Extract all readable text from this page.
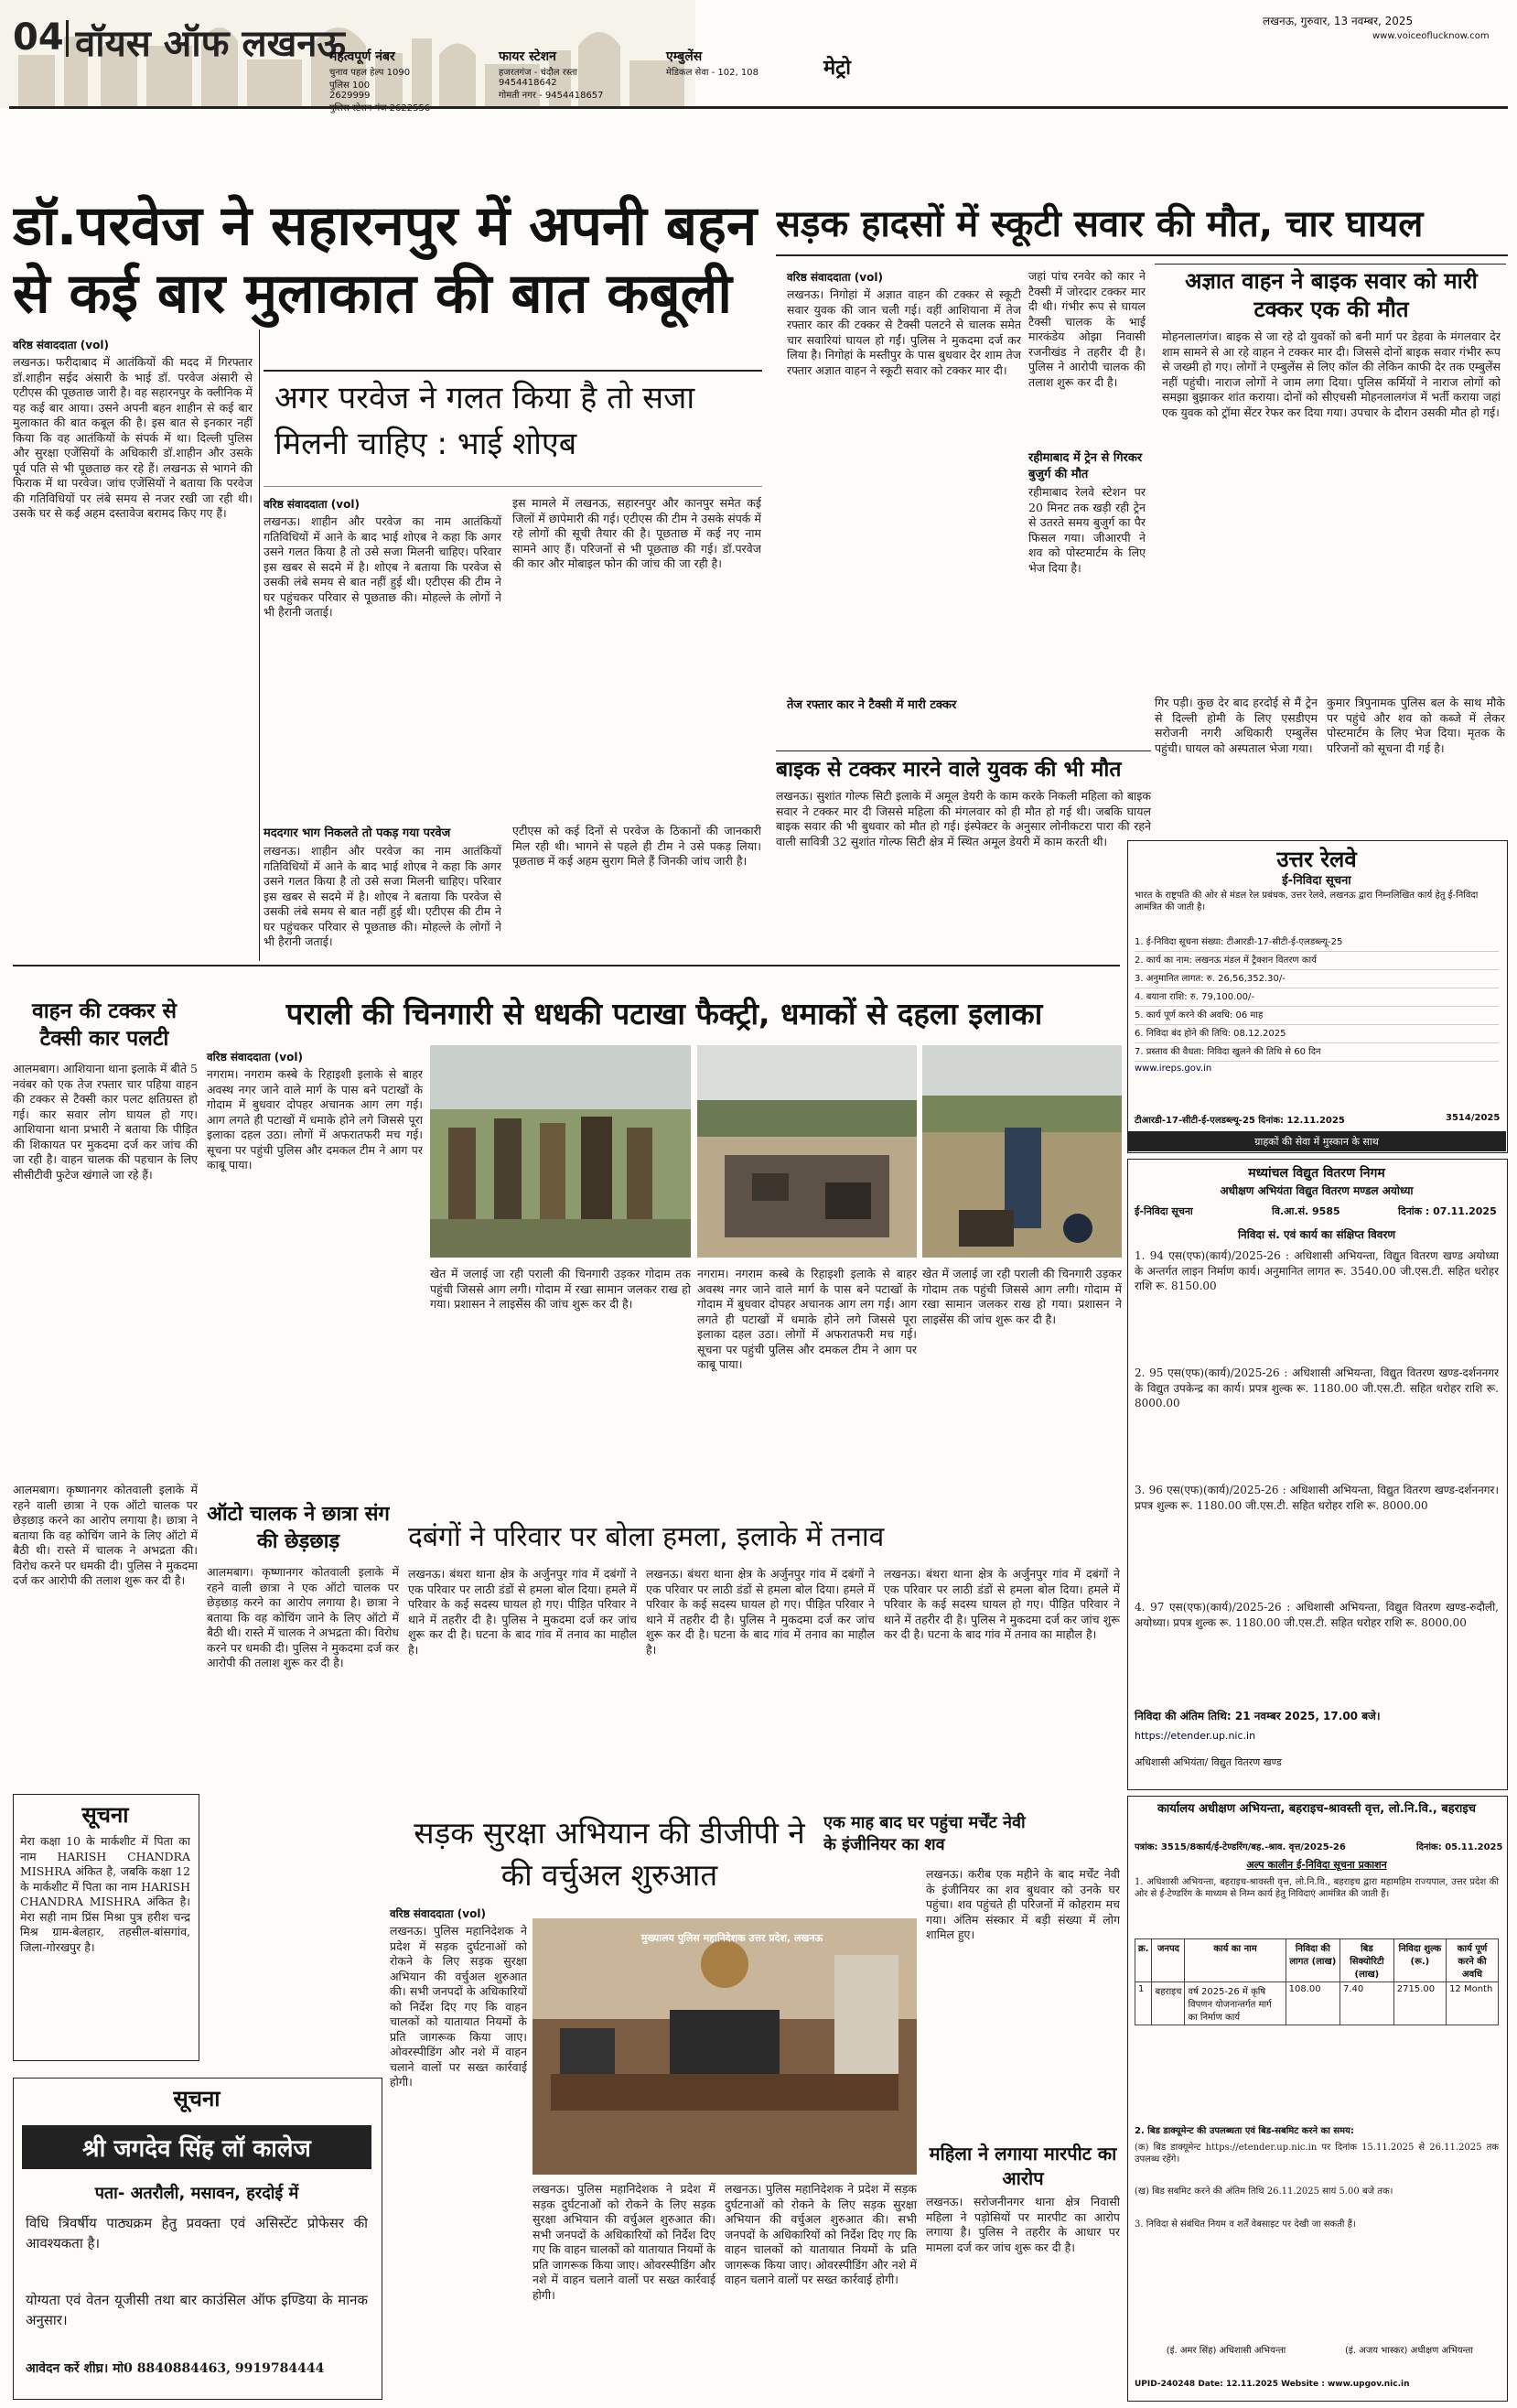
04 वॉयस ऑफ लखनऊ
महत्वपूर्ण नंबर
चुनाव पहल हेल्प 1090
पुलिस 100
2629999
फायर स्टेशन
हजरतगंज - चंदौल रस्ता
9454418642
गोमती नगर - 9454418657
एम्बुलेंस
मेडिकल सेवा - 102, 108	मेट्रो
लखनऊ, गुरुवार, 13 नवम्बर, 2025
www.voiceoflucknow.com
डॉ.परवेज ने सहारनपुर में अपनी बहन से कई बार मुलाकात की बात कबूली
वरिष्ठ संवाददाता (vol)
लखनऊ। फरीदाबाद में आतंकियों की मदद में गिरफ्तार डॉ.शाहीन सईद अंसारी के भाई डॉ. परवेज अंसारी से एटीएस की पूछताछ जारी है। वह सहारनपुर के क्लीनिक में यह कई बार आया। उसने अपनी बहन शाहीन से कई बार मुलाकात की बात कबूल की है। इस बात से इनकार नहीं किया कि वह आतंकियों के संपर्क में था। दिल्ली पुलिस और सुरक्षा एजेंसियों के अधिकारी डॉ.शाहीन और उसके पूर्व पति से भी पूछताछ कर रहे हैं। लखनऊ से भागने की फिराक में था परवेज। जांच एजेंसियों ने बताया कि परवेज की गतिविधियों पर लंबे समय से नजर रखी जा रही थी। उसके घर से कई अहम दस्तावेज बरामद किए गए हैं।
अगर परवेज ने गलत किया है तो सजा मिलनी चाहिए : भाई शोएब
वरिष्ठ संवाददाता (vol)
लखनऊ। शाहीन और परवेज का नाम आतंकियों गतिविधियों में आने के बाद भाई शोएब ने कहा कि अगर उसने गलत किया है तो उसे सजा मिलनी चाहिए। परिवार इस खबर से सदमे में है। शोएब ने बताया कि परवेज से उसकी लंबे समय से बात नहीं हुई थी। एटीएस की टीम ने घर पहुंचकर परिवार से पूछताछ की। मोहल्ले के लोगों ने भी हैरानी जताई।
इस मामले में लखनऊ, सहारनपुर और कानपुर समेत कई जिलों में छापेमारी की गई। एटीएस की टीम ने उसके संपर्क में रहे लोगों की सूची तैयार की है। पूछताछ में कई नए नाम सामने आए हैं। परिजनों से भी पूछताछ की गई। डॉ.परवेज की कार और मोबाइल फोन की जांच की जा रही है।
एटीएस को कई दिनों से परवेज के ठिकानों की जानकारी मिल रही थी। भागने से पहले ही टीम ने उसे पकड़ लिया। पूछताछ में कई अहम सुराग मिले हैं जिनकी जांच जारी है।
मददगार भाग निकलते तो पकड़ गया परवेज
लखनऊ। शाहीन और परवेज का नाम आतंकियों गतिविधियों में आने के बाद भाई शोएब ने कहा कि अगर उसने गलत किया है तो उसे सजा मिलनी चाहिए। परिवार इस खबर से सदमे में है। शोएब ने बताया कि परवेज से उसकी लंबे समय से बात नहीं हुई थी। एटीएस की टीम ने घर पहुंचकर परिवार से पूछताछ की। मोहल्ले के लोगों ने भी हैरानी जताई।
सड़क हादसों में स्कूटी सवार की मौत, चार घायल
वरिष्ठ संवाददाता (vol)
लखनऊ। निगोहां में अज्ञात वाहन की टक्कर से स्कूटी सवार युवक की जान चली गई। वहीं आशियाना में तेज रफ्तार कार की टक्कर से टैक्सी पलटने से चालक समेत चार सवारियां घायल हो गईं। पुलिस ने मुकदमा दर्ज कर लिया है। निगोहां के मस्तीपुर के पास बुधवार देर शाम तेज रफ्तार अज्ञात वाहन ने स्कूटी सवार को टक्कर मार दी।
तेज रफ्तार कार ने टैक्सी में मारी टक्कर
जहां पांच रनवेर को कार ने टैक्सी में जोरदार टक्कर मार दी थी। गंभीर रूप से घायल टैक्सी चालक के भाई मारकंडेय ओझा निवासी रजनीखंड ने तहरीर दी है। पुलिस ने आरोपी चालक की तलाश शुरू कर दी है।
रहीमाबाद में ट्रेन से गिरकर बुजुर्ग की मौत
रहीमाबाद रेलवे स्टेशन पर 20 मिनट तक खड़ी रही ट्रेन से उतरते समय बुजुर्ग का पैर फिसल गया। जीआरपी ने शव को पोस्टमार्टम के लिए भेज दिया है।
अज्ञात वाहन ने बाइक सवार को मारी टक्कर एक की मौत
मोहनलालगंज। बाइक से जा रहे दो युवकों को बनी मार्ग पर डेहवा के मंगलवार देर शाम सामने से आ रहे वाहन ने टक्कर मार दी। जिससे दोनों बाइक सवार गंभीर रूप से जख्मी हो गए। लोगों ने एम्बुलेंस से लिए कॉल की लेकिन काफी देर तक एम्बुलेंस नहीं पहुंची। नाराज लोगों ने जाम लगा दिया। पुलिस कर्मियों ने नाराज लोगों को समझा बुझाकर शांत कराया। दोनों को सीएचसी मोहनलालगंज में भर्ती कराया जहां एक युवक को ट्रॉमा सेंटर रेफर कर दिया गया। उपचार के दौरान उसकी मौत हो गई।
गिर पड़ी। कुछ देर बाद हरदोई से मैं ट्रेन से दिल्ली होमी के लिए एसडीएम सरोजनी नगरी अधिकारी एम्बुलेंस पहुंची। घायल को अस्पताल भेजा गया।
कुमार त्रिपुनामक पुलिस बल के साथ मौके पर पहुंचे और शव को कब्जे में लेकर पोस्टमार्टम के लिए भेज दिया। मृतक के परिजनों को सूचना दी गई है।
बाइक से टक्कर मारने वाले युवक की भी मौत
लखनऊ। सुशांत गोल्फ सिटी इलाके में अमूल डेयरी के काम करके निकली महिला को बाइक सवार ने टक्कर मार दी जिससे महिला की मंगलवार को ही मौत हो गई थी। जबकि घायल बाइक सवार की भी बुधवार को मौत हो गई। इंस्पेक्टर के अनुसार लोनीकटरा पारा की रहने वाली सावित्री 32 सुशांत गोल्फ सिटी क्षेत्र में स्थित अमूल डेयरी में काम करती थी।
उत्तर रेलवे
ई-निविदा सूचना
भारत के राष्ट्रपति की ओर से मंडल रेल प्रबंधक, उत्तर रेलवे, लखनऊ द्वारा निम्नलिखित कार्य हेतु ई-निविदा आमंत्रित की जाती है।
1. ई-निविदा सूचना संख्या: टीआरडी-17-सीटी-ई-एलडब्ल्यू-25
2. कार्य का नाम: लखनऊ मंडल में ट्रैक्शन वितरण कार्य
3. अनुमानित लागत: रु. 26,56,352.30/-
4. बयाना राशि: रु. 79,100.00/-
5. कार्य पूर्ण करने की अवधि: 06 माह
6. निविदा बंद होने की तिथि: 08.12.2025
7. प्रस्ताव की वैधता: निविदा खुलने की तिथि से 60 दिन
www.ireps.gov.in
टीआरडी-17-सीटी-ई-एलडब्ल्यू-25 दिनांक: 12.11.2025	3514/2025
ग्राहकों की सेवा में मुस्कान के साथ
वाहन की टक्कर से टैक्सी कार पलटी
आलमबाग। आशियाना थाना इलाके में बीते 5 नवंबर को एक तेज रफ्तार चार पहिया वाहन की टक्कर से टैक्सी कार पलट क्षतिग्रस्त हो गई। कार सवार लोग घायल हो गए। आशियाना थाना प्रभारी ने बताया कि पीड़ित की शिकायत पर मुकदमा दर्ज कर जांच की जा रही है। वाहन चालक की पहचान के लिए सीसीटीवी फुटेज खंगाले जा रहे हैं।
पराली की चिनगारी से धधकी पटाखा फैक्ट्री, धमाकों से दहला इलाका
वरिष्ठ संवाददाता (vol)
नगराम। नगराम कस्बे के रिहाइशी इलाके से बाहर अवस्थ नगर जाने वाले मार्ग के पास बने पटाखों के गोदाम में बुधवार दोपहर अचानक आग लग गई। आग लगते ही पटाखों में धमाके होने लगे जिससे पूरा इलाका दहल उठा। लोगों में अफरातफरी मच गई। सूचना पर पहुंची पुलिस और दमकल टीम ने आग पर काबू पाया।
खेत में जलाई जा रही पराली की चिनगारी उड़कर गोदाम तक पहुंची जिससे आग लगी। गोदाम में रखा सामान जलकर राख हो गया। प्रशासन ने लाइसेंस की जांच शुरू कर दी है।
नगराम। नगराम कस्बे के रिहाइशी इलाके से बाहर अवस्थ नगर जाने वाले मार्ग के पास बने पटाखों के गोदाम में बुधवार दोपहर अचानक आग लग गई। आग लगते ही पटाखों में धमाके होने लगे जिससे पूरा इलाका दहल उठा। लोगों में अफरातफरी मच गई। सूचना पर पहुंची पुलिस और दमकल टीम ने आग पर काबू पाया।
खेत में जलाई जा रही पराली की चिनगारी उड़कर गोदाम तक पहुंची जिससे आग लगी। गोदाम में रखा सामान जलकर राख हो गया। प्रशासन ने लाइसेंस की जांच शुरू कर दी है।
मध्यांचल विद्युत वितरण निगम
अधीक्षण अभियंता विद्युत वितरण मण्डल अयोध्या
ई-निविदा सूचना	वि.आ.सं. 9585	दिनांक : 07.11.2025
निविदा सं. एवं कार्य का संक्षिप्त विवरण
1. 94 एस(एफ)(कार्य)/2025-26 : अधिशासी अभियन्ता, विद्युत वितरण खण्ड अयोध्या के अन्तर्गत लाइन निर्माण कार्य। अनुमानित लागत रू. 3540.00 जी.एस.टी. सहित धरोहर राशि रू. 8150.00
2. 95 एस(एफ)(कार्य)/2025-26 : अधिशासी अभियन्ता, विद्युत वितरण खण्ड-दर्शननगर के विद्युत उपकेन्द्र का कार्य। प्रपत्र शुल्क रू. 1180.00 जी.एस.टी. सहित धरोहर राशि रू. 8000.00
3. 96 एस(एफ)(कार्य)/2025-26 : अधिशासी अभियन्ता, विद्युत वितरण खण्ड-दर्शननगर। प्रपत्र शुल्क रू. 1180.00 जी.एस.टी. सहित धरोहर राशि रू. 8000.00
4. 97 एस(एफ)(कार्य)/2025-26 : अधिशासी अभियन्ता, विद्युत वितरण खण्ड-रुदौली, अयोध्या। प्रपत्र शुल्क रू. 1180.00 जी.एस.टी. सहित धरोहर राशि रू. 8000.00
निविदा की अंतिम तिथि: 21 नवम्बर 2025, 17.00 बजे।
https://etender.up.nic.in
अधिशासी अभियंता/ विद्युत वितरण खण्ड
ऑटो चालक ने छात्रा संग की छेड़छाड़
आलमबाग। कृष्णानगर कोतवाली इलाके में रहने वाली छात्रा ने एक ऑटो चालक पर छेड़छाड़ करने का आरोप लगाया है। छात्रा ने बताया कि वह कोचिंग जाने के लिए ऑटो में बैठी थी। रास्ते में चालक ने अभद्रता की। विरोध करने पर धमकी दी। पुलिस ने मुकदमा दर्ज कर आरोपी की तलाश शुरू कर दी है।
आलमबाग। कृष्णानगर कोतवाली इलाके में रहने वाली छात्रा ने एक ऑटो चालक पर छेड़छाड़ करने का आरोप लगाया है। छात्रा ने बताया कि वह कोचिंग जाने के लिए ऑटो में बैठी थी। रास्ते में चालक ने अभद्रता की। विरोध करने पर धमकी दी। पुलिस ने मुकदमा दर्ज कर आरोपी की तलाश शुरू कर दी है।
दबंगों ने परिवार पर बोला हमला, इलाके में तनाव
लखनऊ। बंथरा थाना क्षेत्र के अर्जुनपुर गांव में दबंगों ने एक परिवार पर लाठी डंडों से हमला बोल दिया। हमले में परिवार के कई सदस्य घायल हो गए। पीड़ित परिवार ने थाने में तहरीर दी है। पुलिस ने मुकदमा दर्ज कर जांच शुरू कर दी है। घटना के बाद गांव में तनाव का माहौल है।
लखनऊ। बंथरा थाना क्षेत्र के अर्जुनपुर गांव में दबंगों ने एक परिवार पर लाठी डंडों से हमला बोल दिया। हमले में परिवार के कई सदस्य घायल हो गए। पीड़ित परिवार ने थाने में तहरीर दी है। पुलिस ने मुकदमा दर्ज कर जांच शुरू कर दी है। घटना के बाद गांव में तनाव का माहौल है।
लखनऊ। बंथरा थाना क्षेत्र के अर्जुनपुर गांव में दबंगों ने एक परिवार पर लाठी डंडों से हमला बोल दिया। हमले में परिवार के कई सदस्य घायल हो गए। पीड़ित परिवार ने थाने में तहरीर दी है। पुलिस ने मुकदमा दर्ज कर जांच शुरू कर दी है। घटना के बाद गांव में तनाव का माहौल है।
सूचना
मेरा कक्षा 10 के मार्कशीट में पिता का नाम HARISH CHANDRA MISHRA अंकित है, जबकि कक्षा 12 के मार्कशीट में पिता का नाम HARISH CHANDRA MISHRA अंकित है। मेरा सही नाम प्रिंस मिश्रा पुत्र हरीश चन्द्र मिश्र ग्राम-बेलहार, तहसील-बांसगांव, जिला-गोरखपुर है।
सूचना
श्री जगदेव सिंह लॉ कालेज
पता- अतरौली, मसावन, हरदोई में
विधि त्रिवर्षीय पाठ्यक्रम हेतु प्रवक्ता एवं असिस्टेंट प्रोफेसर की आवश्यकता है।
योग्यता एवं वेतन यूजीसी तथा बार काउंसिल ऑफ इण्डिया के मानक अनुसार।
आवेदन करें शीघ्र। मो0 8840884463, 9919784444
सड़क सुरक्षा अभियान की डीजीपी ने की वर्चुअल शुरुआत
वरिष्ठ संवाददाता (vol)
लखनऊ। पुलिस महानिदेशक ने प्रदेश में सड़क दुर्घटनाओं को रोकने के लिए सड़क सुरक्षा अभियान की वर्चुअल शुरुआत की। सभी जनपदों के अधिकारियों को निर्देश दिए गए कि वाहन चालकों को यातायात नियमों के प्रति जागरूक किया जाए। ओवरस्पीडिंग और नशे में वाहन चलाने वालों पर सख्त कार्रवाई होगी।
मुख्यालय पुलिस महानिदेशक उत्तर प्रदेश, लखनऊ
लखनऊ। पुलिस महानिदेशक ने प्रदेश में सड़क दुर्घटनाओं को रोकने के लिए सड़क सुरक्षा अभियान की वर्चुअल शुरुआत की। सभी जनपदों के अधिकारियों को निर्देश दिए गए कि वाहन चालकों को यातायात नियमों के प्रति जागरूक किया जाए। ओवरस्पीडिंग और नशे में वाहन चलाने वालों पर सख्त कार्रवाई होगी।
लखनऊ। पुलिस महानिदेशक ने प्रदेश में सड़क दुर्घटनाओं को रोकने के लिए सड़क सुरक्षा अभियान की वर्चुअल शुरुआत की। सभी जनपदों के अधिकारियों को निर्देश दिए गए कि वाहन चालकों को यातायात नियमों के प्रति जागरूक किया जाए। ओवरस्पीडिंग और नशे में वाहन चलाने वालों पर सख्त कार्रवाई होगी।
एक माह बाद घर पहुंचा मर्चेंट नेवी के इंजीनियर का शव
लखनऊ। करीब एक महीने के बाद मर्चेंट नेवी के इंजीनियर का शव बुधवार को उनके घर पहुंचा। शव पहुंचते ही परिजनों में कोहराम मच गया। अंतिम संस्कार में बड़ी संख्या में लोग शामिल हुए।
महिला ने लगाया मारपीट का आरोप
लखनऊ। सरोजनीनगर थाना क्षेत्र निवासी महिला ने पड़ोसियों पर मारपीट का आरोप लगाया है। पुलिस ने तहरीर के आधार पर मामला दर्ज कर जांच शुरू कर दी है।
कार्यालय अधीक्षण अभियन्ता, बहराइच-श्रावस्ती वृत्त, लो.नि.वि., बहराइच
पत्रांक: 3515/8कार्य/ई-टेण्डरिंग/बह.-श्राव. वृत्त/2025-26	दिनांक: 05.11.2025
अल्प कालीन ई-निविदा सूचना प्रकाशन
1. अधिशासी अभियन्ता, बहराइच-श्रावस्ती वृत्त, लो.नि.वि., बहराइच द्वारा महामहिम राज्यपाल, उत्तर प्रदेश की ओर से ई-टेण्डरिंग के माध्यम से निम्न कार्य हेतु निविदाएं आमंत्रित की जाती हैं।
क्र.	जनपद	कार्य का नाम	निविदा की लागत (लाख)	बिड सिक्योरिटी (लाख)	निविदा शुल्क (रू.)	कार्य पूर्ण करने की अवधि
1	बहराइच	वर्ष 2025-26 में कृषि विपणन योजनान्तर्गत मार्ग का निर्माण कार्य	108.00	7.40	2715.00	12 Month
2. बिड डाक्यूमेन्ट की उपलब्धता एवं बिड-सबमिट करने का समय:
(क) बिड डाक्यूमेन्ट https://etender.up.nic.in पर दिनांक 15.11.2025 से 26.11.2025 तक उपलब्ध रहेंगे।
(ख) बिड सबमिट करने की अंतिम तिथि 26.11.2025 सायं 5.00 बजे तक।
3. निविदा से संबंधित नियम व शर्तें वेबसाइट पर देखी जा सकती हैं।
(इं. अमर सिंह) अधिशासी अभियन्ता	(इं. अजय भास्कर) अधीक्षण अभियन्ता
UPID-240248 Date: 12.11.2025 Website : www.upgov.nic.in
